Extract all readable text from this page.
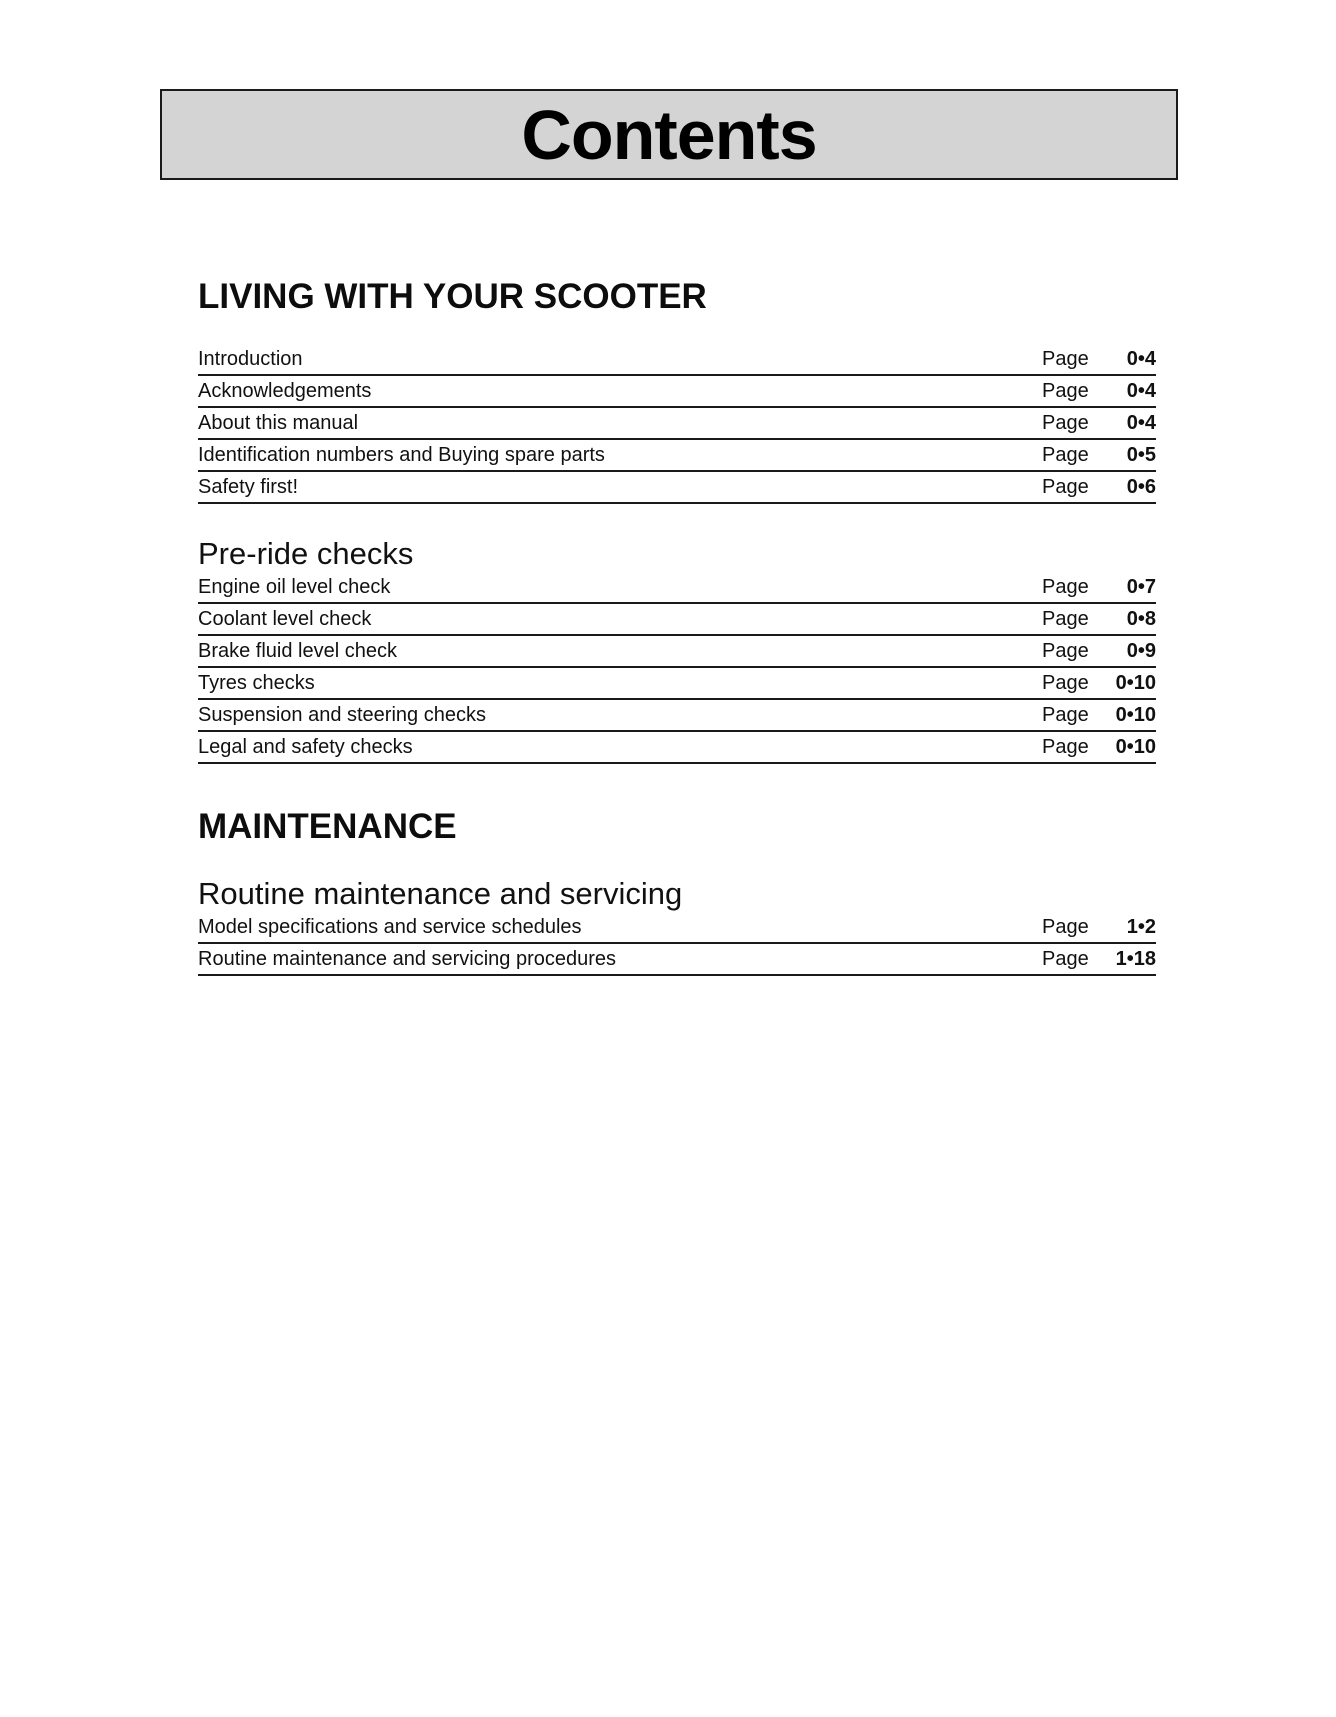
Contents
LIVING WITH YOUR SCOOTER
Introduction	Page	0•4
Acknowledgements	Page	0•4
About this manual	Page	0•4
Identification numbers and Buying spare parts	Page	0•5
Safety first!	Page	0•6
Pre-ride checks
Engine oil level check	Page	0•7
Coolant level check	Page	0•8
Brake fluid level check	Page	0•9
Tyres checks	Page	0•10
Suspension and steering checks	Page	0•10
Legal and safety checks	Page	0•10
MAINTENANCE
Routine maintenance and servicing
Model specifications and service schedules	Page	1•2
Routine maintenance and servicing procedures	Page	1•18
